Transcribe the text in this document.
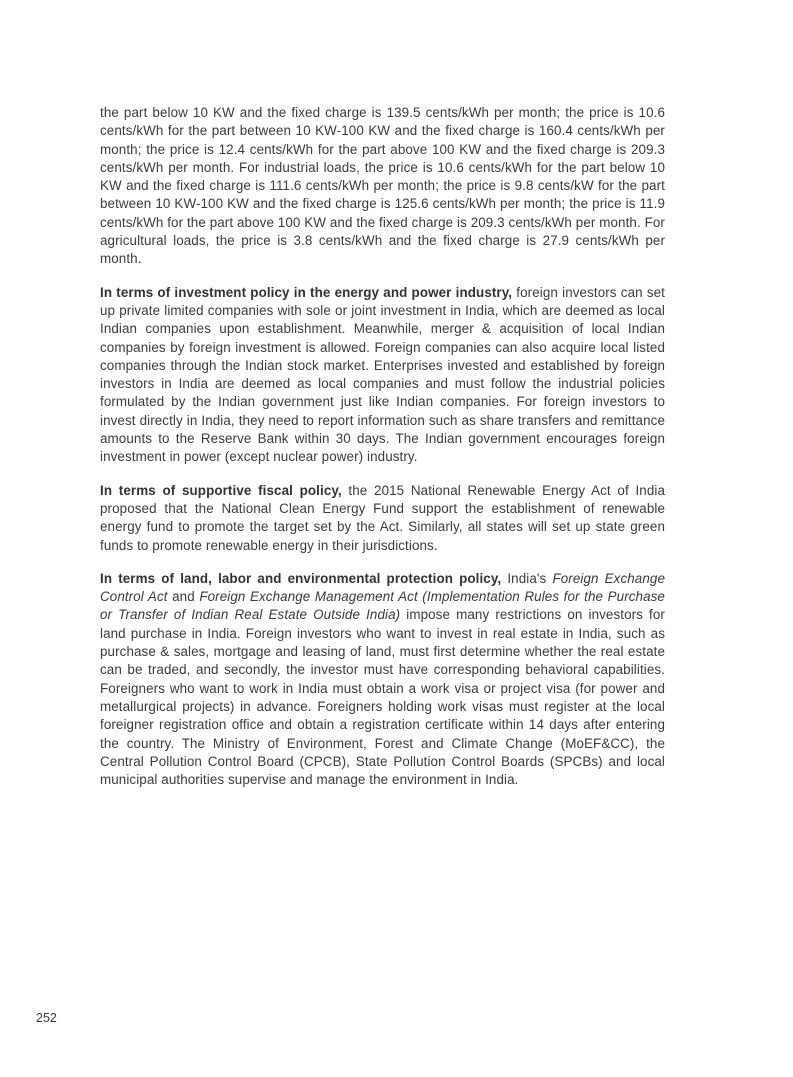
the part below 10 KW and the fixed charge is 139.5 cents/kWh per month; the price is 10.6 cents/kWh for the part between 10 KW-100 KW and the fixed charge is 160.4 cents/kWh per month; the price is 12.4 cents/kWh for the part above 100 KW and the fixed charge is 209.3 cents/kWh per month. For industrial loads, the price is 10.6 cents/kWh for the part below 10 KW and the fixed charge is 111.6 cents/kWh per month; the price is 9.8 cents/kW for the part between 10 KW-100 KW and the fixed charge is 125.6 cents/kWh per month; the price is 11.9 cents/kWh for the part above 100 KW and the fixed charge is 209.3 cents/kWh per month. For agricultural loads, the price is 3.8 cents/kWh and the fixed charge is 27.9 cents/kWh per month.

In terms of investment policy in the energy and power industry, foreign investors can set up private limited companies with sole or joint investment in India, which are deemed as local Indian companies upon establishment. Meanwhile, merger & acquisition of local Indian companies by foreign investment is allowed. Foreign companies can also acquire local listed companies through the Indian stock market. Enterprises invested and established by foreign investors in India are deemed as local companies and must follow the industrial policies formulated by the Indian government just like Indian companies. For foreign investors to invest directly in India, they need to report information such as share transfers and remittance amounts to the Reserve Bank within 30 days. The Indian government encourages foreign investment in power (except nuclear power) industry.

In terms of supportive fiscal policy, the 2015 National Renewable Energy Act of India proposed that the National Clean Energy Fund support the establishment of renewable energy fund to promote the target set by the Act. Similarly, all states will set up state green funds to promote renewable energy in their jurisdictions.

In terms of land, labor and environmental protection policy, India's Foreign Exchange Control Act and Foreign Exchange Management Act (Implementation Rules for the Purchase or Transfer of Indian Real Estate Outside India) impose many restrictions on investors for land purchase in India. Foreign investors who want to invest in real estate in India, such as purchase & sales, mortgage and leasing of land, must first determine whether the real estate can be traded, and secondly, the investor must have corresponding behavioral capabilities. Foreigners who want to work in India must obtain a work visa or project visa (for power and metallurgical projects) in advance. Foreigners holding work visas must register at the local foreigner registration office and obtain a registration certificate within 14 days after entering the country. The Ministry of Environment, Forest and Climate Change (MoEF&CC), the Central Pollution Control Board (CPCB), State Pollution Control Boards (SPCBs) and local municipal authorities supervise and manage the environment in India.

252
